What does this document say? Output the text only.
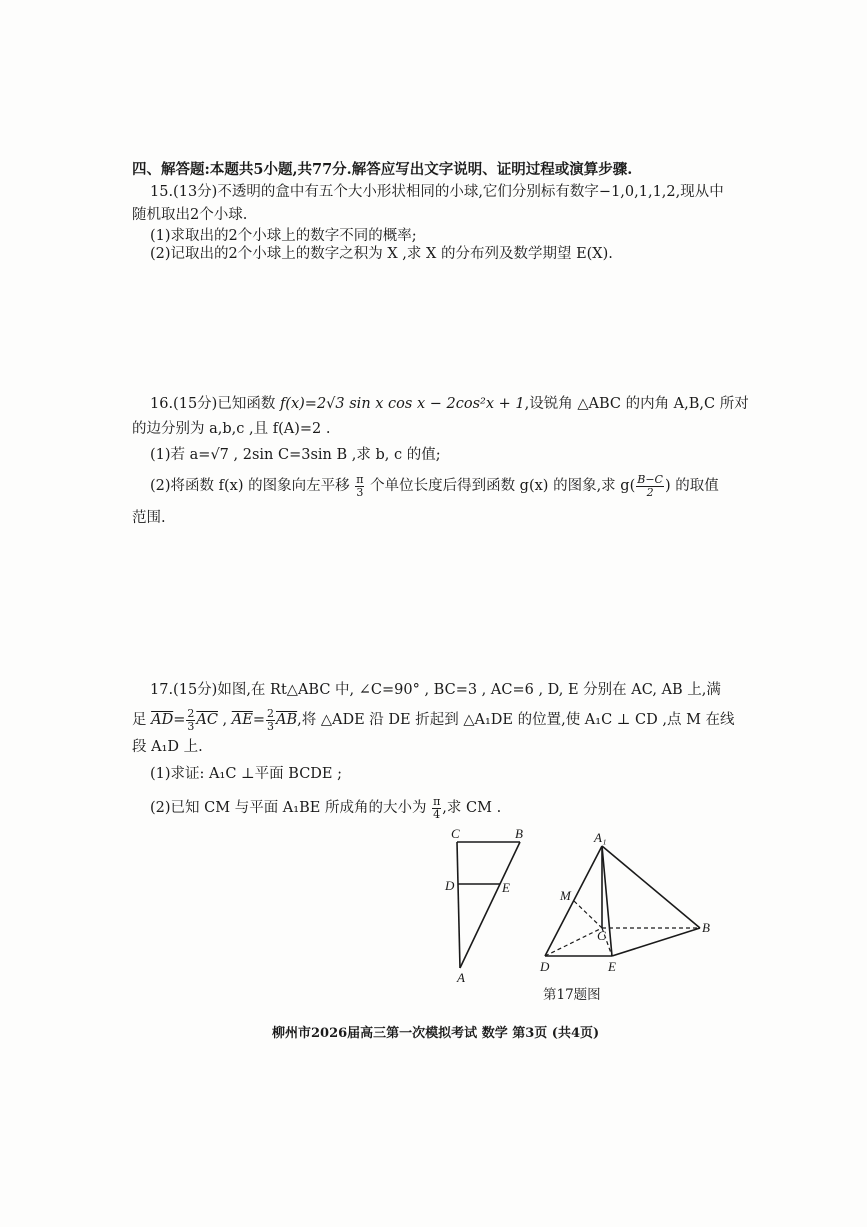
四、解答题:本题共5小题,共77分.解答应写出文字说明、证明过程或演算步骤.
15.(13分)不透明的盒中有五个大小形状相同的小球,它们分别标有数字−1,0,1,1,2,现从中
随机取出2个小球.
(1)求取出的2个小球上的数字不同的概率;
(2)记取出的2个小球上的数字之积为 X ,求 X 的分布列及数学期望 E(X).
16.(15分)已知函数 f(x)=2√3 sin x cos x − 2cos²x + 1,设锐角 △ABC 的内角 A,B,C 所对
的边分别为 a,b,c ,且 f(A)=2 .
(1)若 a=√7 , 2sin C=3sin B ,求 b, c 的值;
(2)将函数 f(x) 的图象向左平移 $\frac{\pi}{3}$ 个单位长度后得到函数 g(x) 的图象,求 $g( \frac{B-C}{2}$ ) 的取值
范围.
17.(15分)如图,在 Rt△ABC 中, ∠C=90° , BC=3 , AC=6 , D, E 分别在 AC, AB 上,满
足 $\overline{AD}= \frac{2}{3} \overline{AC}$ , $\overline{AE}= \frac{2}{3} \overline{AB}$,将 △ADE 沿 DE 折起到 △A₁DE 的位置,使 A₁C ⊥ CD ,点 M 在线
段 A₁D 上.
(1)求证: A₁C ⊥平面 BCDE ;
(2)已知 CM 与平面 A₁BE 所成角的大小为 $\frac{\pi}{4}$ ,求 CM .
C	B
D	E
A
A₁
M
C
B
D	E
第17题图
柳州市2026届高三第一次模拟考试 数学 第3页 (共4页)
